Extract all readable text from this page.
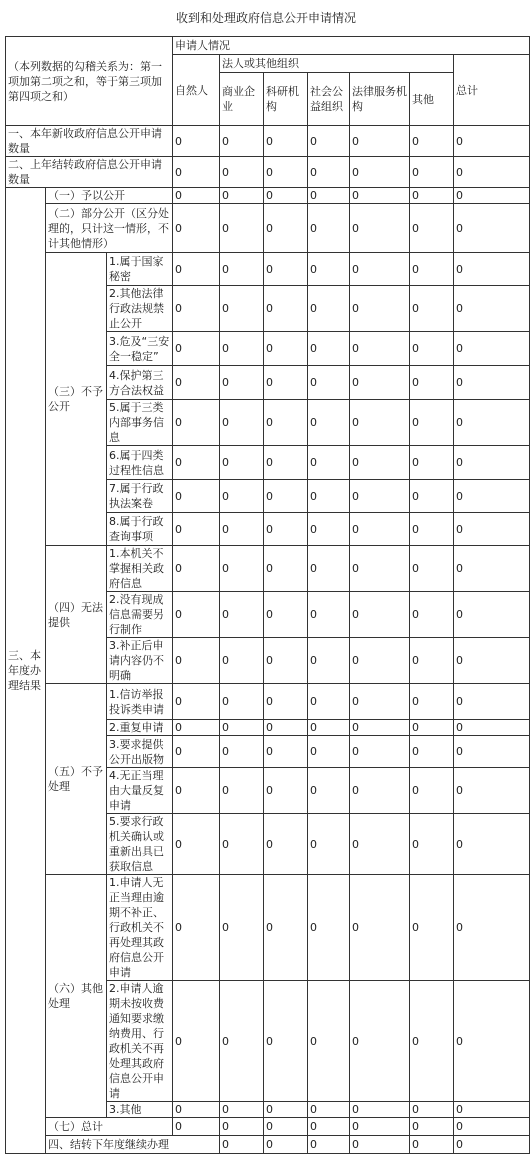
收到和处理政府信息公开申请情况
（本列数据的勾稽关系为：第一项加第二项之和，等于第三项加第四项之和）			申请人情况							
			自然人	法人或其他组织					总计	
				商业企业	科研机构	社会公益组织	法律服务机构	其他		
一、本年新收政府信息公开申请数量			0	0	0	0	0	0	0	
二、上年结转政府信息公开申请数量			0	0	0	0	0	0	0	
三、本年度办理结果	（一）予以公开		0	0	0	0	0	0	0	
	（二）部分公开（区分处理的，只计这一情形，不计其他情形）		0	0	0	0	0	0	0	
	（三）不予公开	1.属于国家秘密	0	0	0	0	0	0	0	
		2.其他法律行政法规禁止公开	0	0	0	0	0	0	0	
		3.危及“三安全一稳定”	0	0	0	0	0	0	0	
		4.保护第三方合法权益	0	0	0	0	0	0	0	
		5.属于三类内部事务信息	0	0	0	0	0	0	0	
		6.属于四类过程性信息	0	0	0	0	0	0	0	
		7.属于行政执法案卷	0	0	0	0	0	0	0	
		8.属于行政查询事项	0	0	0	0	0	0	0	
	（四）无法提供	1.本机关不掌握相关政府信息	0	0	0	0	0	0	0	
		2.没有现成信息需要另行制作	0	0	0	0	0	0	0	
		3.补正后申请内容仍不明确	0	0	0	0	0	0	0	
	（五）不予处理	1.信访举报投诉类申请	0	0	0	0	0	0	0	
		2.重复申请	0	0	0	0	0	0	0	
		3.要求提供公开出版物	0	0	0	0	0	0	0	
		4.无正当理由大量反复申请	0	0	0	0	0	0	0	
		5.要求行政机关确认或重新出具已获取信息	0	0	0	0	0	0	0	
	（六）其他处理	1.申请人无正当理由逾期不补正、行政机关不再处理其政府信息公开申请	0	0	0	0	0	0	0	
		2.申请人逾期未按收费通知要求缴纳费用、行政机关不再处理其政府信息公开申请	0	0	0	0	0	0	0	
		3.其他	0	0	0	0	0	0	0	
	（七）总计		0	0	0	0	0	0	0	
	四、结转下年度继续办理			0	0	0	0	0	0	
